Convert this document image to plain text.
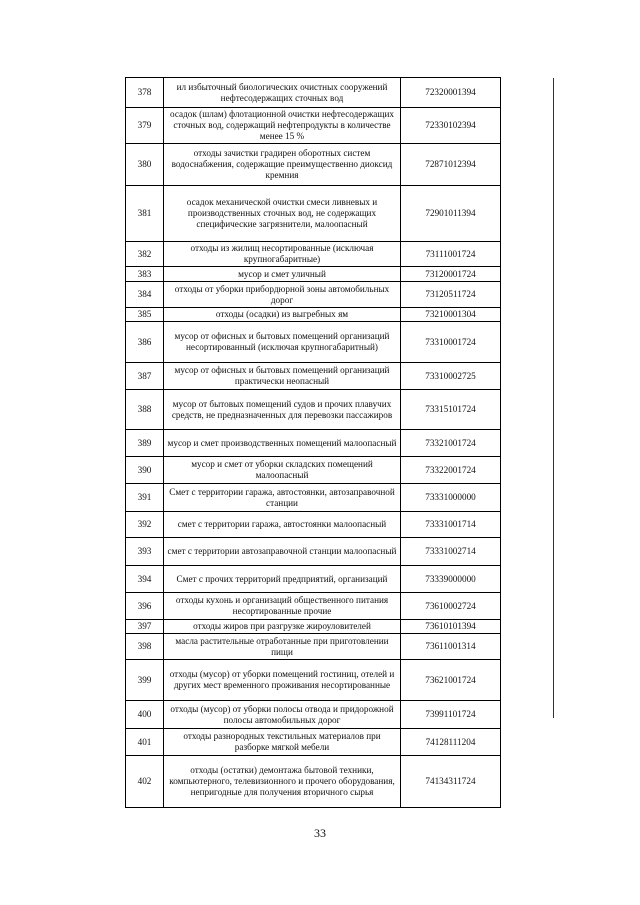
378	ил избыточный биологических очистных сооружений нефтесодержащих сточных вод	72320001394
379	осадок (шлам) флотационной очистки нефтесодержащих сточных вод, содержащий нефтепродукты в количестве менее 15 %	72330102394
380	отходы зачистки градирен оборотных систем водоснабжения, содержащие преимущественно диоксид кремния	72871012394
381	осадок механической очистки смеси ливневых и производственных сточных вод, не содержащих специфические загрязнители, малоопасный	72901011394
382	отходы из жилищ несортированные (исключая крупногабаритные)	73111001724
383	мусор и смет уличный	73120001724
384	отходы от уборки прибордюрной зоны автомобильных дорог	73120511724
385	отходы (осадки) из выгребных ям	73210001304
386	мусор от офисных и бытовых помещений организаций несортированный (исключая крупногабаритный)	73310001724
387	мусор от офисных и бытовых помещений организаций практически неопасный	73310002725
388	мусор от бытовых помещений судов и прочих плавучих средств, не предназначенных для перевозки пассажиров	73315101724
389	мусор и смет производственных помещений малоопасный	73321001724
390	мусор и смет от уборки складских помещений малоопасный	73322001724
391	Смет с территории гаража, автостоянки, автозаправочной станции	73331000000
392	смет с территории гаража, автостоянки малоопасный	73331001714
393	смет с территории автозаправочной станции малоопасный	73331002714
394	Смет с прочих территорий предприятий, организаций	73339000000
396	отходы кухонь и организаций общественного питания несортированные прочие	73610002724
397	отходы жиров при разгрузке жироуловителей	73610101394
398	масла растительные отработанные при приготовлении пищи	73611001314
399	отходы (мусор) от уборки помещений гостиниц, отелей и других мест временного проживания несортированные	73621001724
400	отходы (мусор) от уборки полосы отвода и придорожной полосы автомобильных дорог	73991101724
401	отходы разнородных текстильных материалов при разборке мягкой мебели	74128111204
402	отходы (остатки) демонтажа бытовой техники, компьютерного, телевизионного и прочего оборудования, непригодные для получения вторичного сырья	74134311724
33
